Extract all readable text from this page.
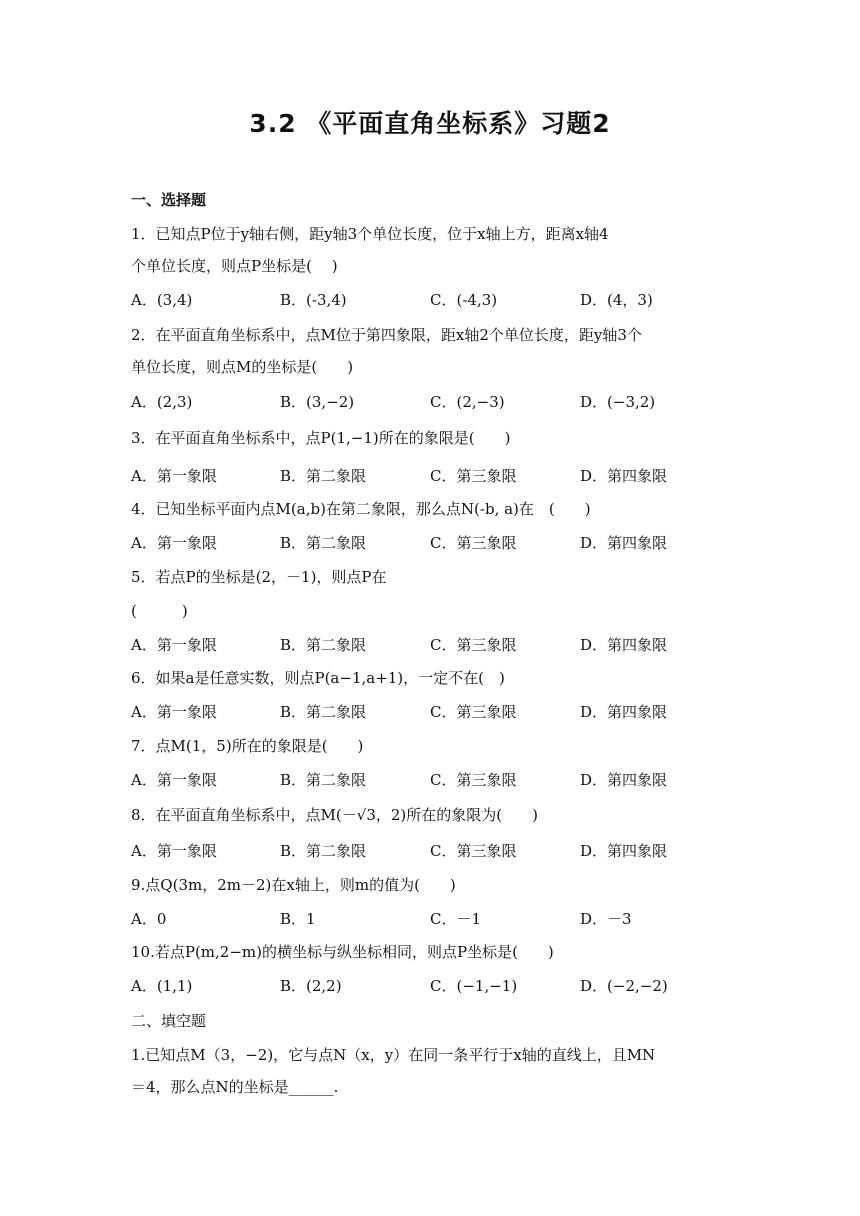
3.2 《平面直角坐标系》习题2
一、选择题
1．已知点P位于y轴右侧，距y轴3个单位长度，位于x轴上方，距离x轴4
个单位长度，则点P坐标是(　 )
A．(3,4)	B．(-3,4)	C．(-4,3)	D．(4，3)
2．在平面直角坐标系中，点M位于第四象限，距x轴2个单位长度，距y轴3个
单位长度，则点M的坐标是(　　)
A．(2,3)	B．(3,−2)	C．(2,−3)	D．(−3,2)
3．在平面直角坐标系中，点P(1,−1)所在的象限是(　　)
A．第一象限	B．第二象限	C．第三象限	D．第四象限
4．已知坐标平面内点M(a,b)在第二象限，那么点N(-b, a)在　(　　)
A．第一象限	B．第二象限	C．第三象限	D．第四象限
5．若点P的坐标是(2，－1)，则点P在
(　　　)
A．第一象限	B．第二象限	C．第三象限	D．第四象限
6．如果a是任意实数，则点P(a−1,a+1)，一定不在(　)
A．第一象限	B．第二象限	C．第三象限	D．第四象限
7．点M(1，5)所在的象限是(　　)
A．第一象限	B．第二象限	C．第三象限	D．第四象限
8．在平面直角坐标系中，点M(－√3，2)所在的象限为(　　)
A．第一象限	B．第二象限	C．第三象限	D．第四象限
9.点Q(3m，2m－2)在x轴上，则m的值为(　　)
A．0	B．1	C．－1	D．－3
10.若点P(m,2−m)的横坐标与纵坐标相同，则点P坐标是(　　)
A．(1,1)	B．(2,2)	C．(−1,−1)	D．(−2,−2)
二、填空题
1.已知点M（3，−2)，它与点N（x，y）在同一条平行于x轴的直线上，且MN
＝4，那么点N的坐标是______.
